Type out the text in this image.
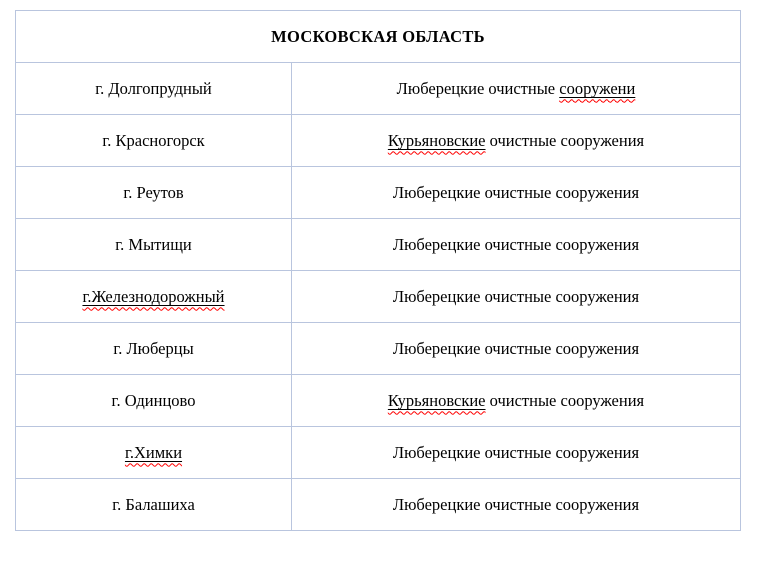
МОСКОВСКАЯ ОБЛАСТЬ	
г. Долгопрудный	Люберецкие очистные сооружени
г. Красногорск	Курьяновские очистные сооружения
г. Реутов	Люберецкие очистные сооружения
г. Мытищи	Люберецкие очистные сооружения
г.Железнодорожный	Люберецкие очистные сооружения
г. Люберцы	Люберецкие очистные сооружения
г. Одинцово	Курьяновские очистные сооружения
г.Химки	Люберецкие очистные сооружения
г. Балашиха	Люберецкие очистные сооружения
